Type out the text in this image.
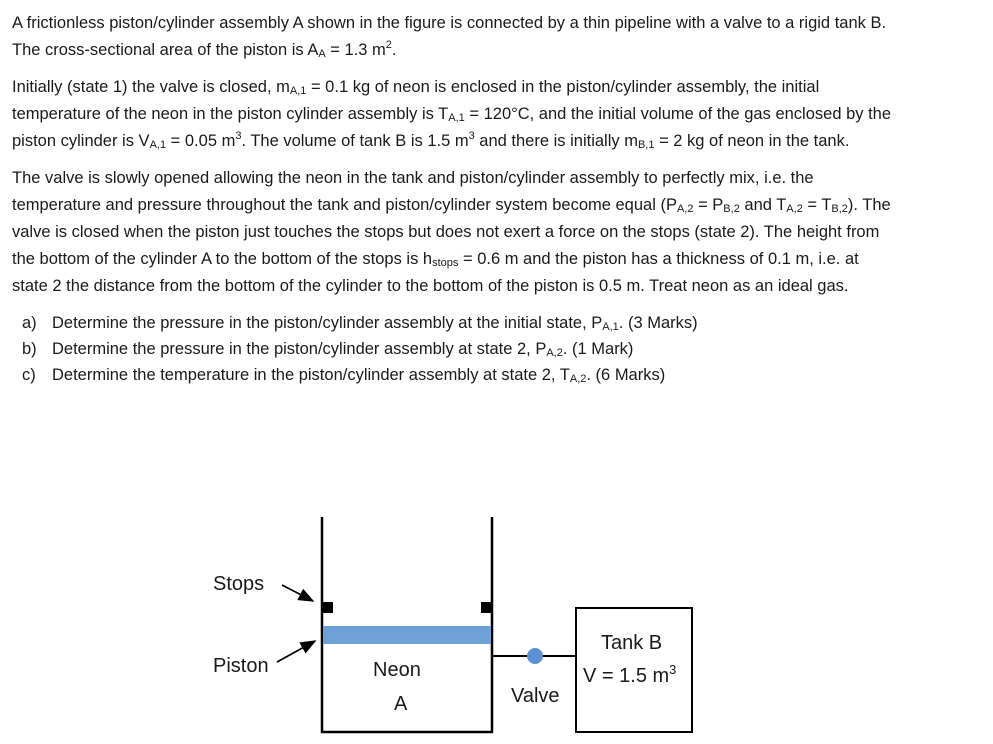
A frictionless piston/cylinder assembly A shown in the figure is connected by a thin pipeline with a valve to a rigid tank B. The cross-sectional area of the piston is $A_A = 1.3$ $m^2$.

Initially (state 1) the valve is closed, $m_{A,1} = 0.1$ kg of neon is enclosed in the piston/cylinder assembly, the initial temperature of the neon in the piston cylinder assembly is $T_{A,1} = 120^\circ C$, and the initial volume of the gas enclosed by the piston cylinder is $V_{A,1} = 0.05$ $m^3$. The volume of tank B is 1.5 $m^3$ and there is initially $m_{B,1} = 2$ kg of neon in the tank.

The valve is slowly opened allowing the neon in the tank and piston/cylinder assembly to perfectly mix, i.e. the temperature and pressure throughout the tank and piston/cylinder system become equal ($P_{A,2} = P_{B,2}$ and $T_{A,2} = T_{B,2}$). The valve is closed when the piston just touches the stops but does not exert a force on the stops (state 2). The height from the bottom of the cylinder A to the bottom of the stops is $h_{stops} = 0.6$ m and the piston has a thickness of 0.1 m, i.e. at state 2 the distance from the bottom of the cylinder to the bottom of the piston is 0.5 m. Treat neon as an ideal gas.

a) Determine the pressure in the piston/cylinder assembly at the initial state, $P_{A,1}$. (3 Marks)
b) Determine the pressure in the piston/cylinder assembly at state 2, $P_{A,2}$. (1 Mark)
c) Determine the temperature in the piston/cylinder assembly at state 2, $T_{A,2}$. (6 Marks)
Stops
Piston	Neon
A	Valve
Tank B
V = 1.5 $m^3$
